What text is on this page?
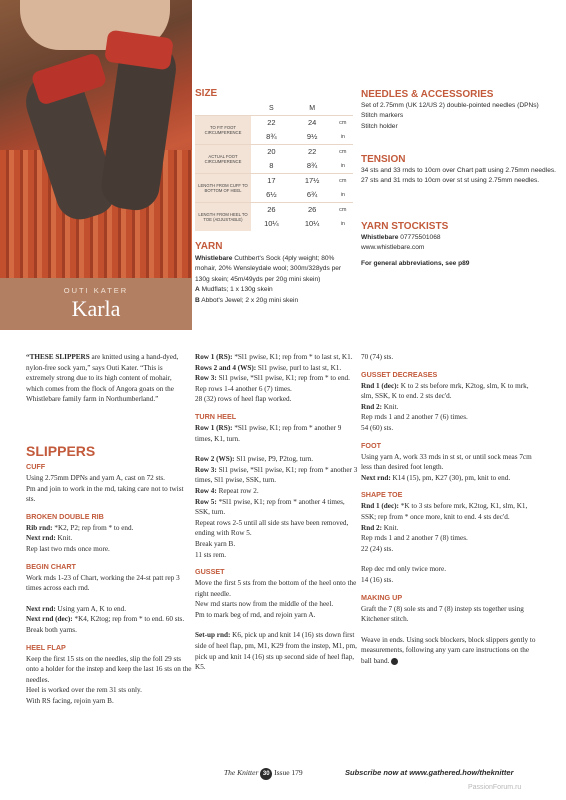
OUTI KATER
Karla
SIZE
	S	M	
TO FIT FOOT CIRCUMFERENCE	22	24	cm
	8¾	9½	in
ACTUAL FOOT CIRCUMFERENCE	20	22	cm
	8	8¾	in
LENGTH FROM CUFF TO BOTTOM OF HEEL	17	17½	cm
	6½	6¾	in
LENGTH FROM HEEL TO TOE (ADJUSTABLE)	26	26	cm
	10¼	10¼	in
YARN
Whistlebare Cuthbert's Sock (4ply weight; 80% mohair, 20% Wensleydale wool; 300m/328yds per 130g skein; 45m/49yds per 20g mini skein)
A Mudflats; 1 x 130g skein
B Abbot's Jewel; 2 x 20g mini skein
NEEDLES & ACCESSORIES
Set of 2.75mm (UK 12/US 2) double-pointed needles (DPNs)
Stitch markers
Stitch holder
TENSION
34 sts and 33 rnds to 10cm over Chart patt using 2.75mm needles.
27 sts and 31 rnds to 10cm over st st using 2.75mm needles.
YARN STOCKISTS
Whistlebare 07775501068
www.whistlebare.com
For general abbreviations, see p89
“THESE SLIPPERS are knitted using a hand-dyed, nylon-free sock yarn,” says Outi Kater. “This is extremely strong due to its high content of mohair, which comes from the flock of Angora goats on the Whistlebare family farm in Northumberland.”
SLIPPERS
CUFF

Using 2.75mm DPNs and yarn A, cast on 72 sts.

Pm and join to work in the rnd, taking care not to twist sts.

BROKEN DOUBLE RIB

Rib rnd: *K2, P2; rep from * to end.

Next rnd: Knit.

Rep last two rnds once more.

BEGIN CHART

Work rnds 1-23 of Chart, working the 24-st patt rep 3 times across each rnd.

Next rnd: Using yarn A, K to end.

Next rnd (dec): *K4, K2tog; rep from * to end. 60 sts.

Break both yarns.

HEEL FLAP

Keep the first 15 sts on the needles, slip the foll 29 sts onto a holder for the instep and keep the last 16 sts on the needles.

Heel is worked over the rem 31 sts only.

With RS facing, rejoin yarn B.

Row 1 (RS): *Sl1 pwise, K1; rep from * to last st, K1.

Rows 2 and 4 (WS): Sl1 pwise, purl to last st, K1.

Row 3: Sl1 pwise, *Sl1 pwise, K1; rep from * to end.

Rep rows 1-4 another 6 (7) times.

28 (32) rows of heel flap worked.

TURN HEEL

Row 1 (RS): *Sl1 pwise, K1; rep from * another 9 times, K1, turn.

Row 2 (WS): Sl1 pwise, P9, P2tog, turn.

Row 3: Sl1 pwise, *Sl1 pwise, K1; rep from * another 3 times, Sl1 pwise, SSK, turn.

Row 4: Repeat row 2.

Row 5: *Sl1 pwise, K1; rep from * another 4 times, SSK, turn.

Repeat rows 2-5 until all side sts have been removed, ending with Row 5.

Break yarn B.

11 sts rem.

GUSSET

Move the first 5 sts from the bottom of the heel onto the right needle.

New rnd starts now from the middle of the heel.

Pm to mark beg of rnd, and rejoin yarn A.

Set-up rnd: K6, pick up and knit 14 (16) sts down first side of heel flap, pm, M1, K29 from the instep, M1, pm, pick up and knit 14 (16) sts up second side of heel flap, K5.

70 (74) sts.

GUSSET DECREASES

Rnd 1 (dec): K to 2 sts before mrk, K2tog, slm, K to mrk, slm, SSK, K to end. 2 sts dec'd.

Rnd 2: Knit.

Rep rnds 1 and 2 another 7 (6) times.

54 (60) sts.

FOOT

Using yarn A, work 33 rnds in st st, or until sock meas 7cm less than desired foot length.

Next rnd: K14 (15), pm, K27 (30), pm, knit to end.

SHAPE TOE

Rnd 1 (dec): *K to 3 sts before mrk, K2tog, K1, slm, K1, SSK; rep from * once more, knit to end. 4 sts dec'd.

Rnd 2: Knit.

Rep rnds 1 and 2 another 7 (8) times.

22 (24) sts.

Rep dec rnd only twice more.

14 (16) sts.

MAKING UP

Graft the 7 (8) sole sts and 7 (8) instep sts together using Kitchener stitch.

Weave in ends. Using sock blockers, block slippers gently to measurements, following any yarn care instructions on the ball band.

The Knitter 30 Issue 179	Subscribe now at www.gathered.how/theknitter
PassionForum.ru
